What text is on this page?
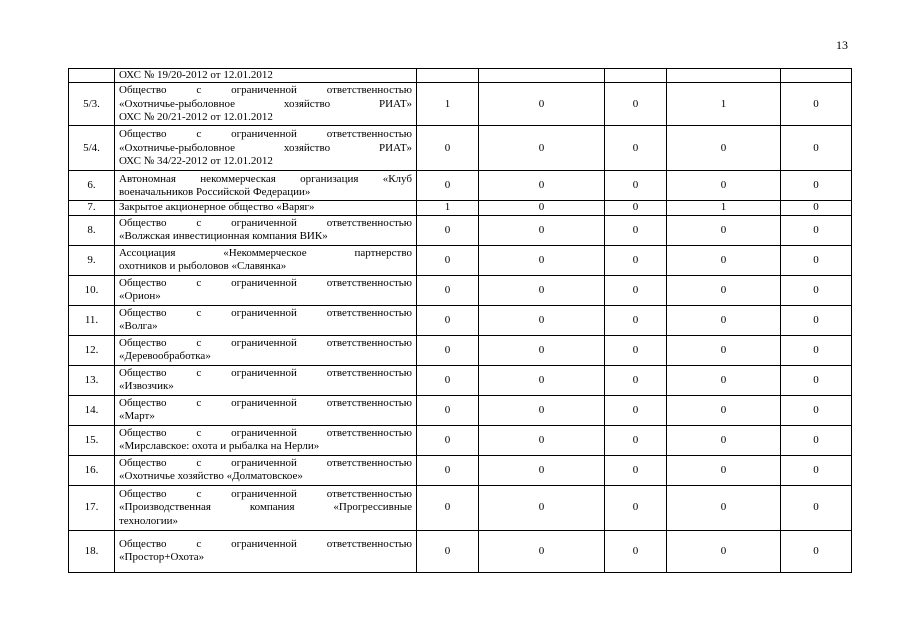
13

	ОХС № 19/20-2012 от 12.01.2012					

5/3.	Общество с ограниченной ответственностью
«Охотничье-рыболовное хозяйство РИАТ»
ОХС № 20/21-2012 от 12.01.2012	1	0	0	1	0
5/4.	Общество с ограниченной ответственностью
«Охотничье-рыболовное хозяйство РИАТ»
ОХС № 34/22-2012 от 12.01.2012	0	0	0	0	0
6.	Автономная некоммерческая организация «Клуб
военачальников Российской Федерации»	0	0	0	0	0
7.	Закрытое акционерное общество «Варяг»	1	0	0	1	0
8.	Общество с ограниченной ответственностью
«Волжская инвестиционная компания ВИК»	0	0	0	0	0
9.	Ассоциация «Некоммерческое партнерство
охотников и рыболовов «Славянка»	0	0	0	0	0
10.	Общество с ограниченной ответственностью
«Орион»	0	0	0	0	0
11.	Общество с ограниченной ответственностью
«Волга»	0	0	0	0	0
12.	Общество с ограниченной ответственностью
«Деревообработка»	0	0	0	0	0
13.	Общество с ограниченной ответственностью
«Извозчик»	0	0	0	0	0
14.	Общество с ограниченной ответственностью
«Март»	0	0	0	0	0
15.	Общество с ограниченной ответственностью
«Мирславское: охота и рыбалка на Нерли»	0	0	0	0	0
16.	Общество с ограниченной ответственностью
«Охотничье хозяйство «Долматовское»	0	0	0	0	0
17.	Общество с ограниченной ответственностью
«Производственная компания «Прогрессивные
технологии»	0	0	0	0	0
18.	Общество с ограниченной ответственностью
«Простор+Охота»	0	0	0	0	0
